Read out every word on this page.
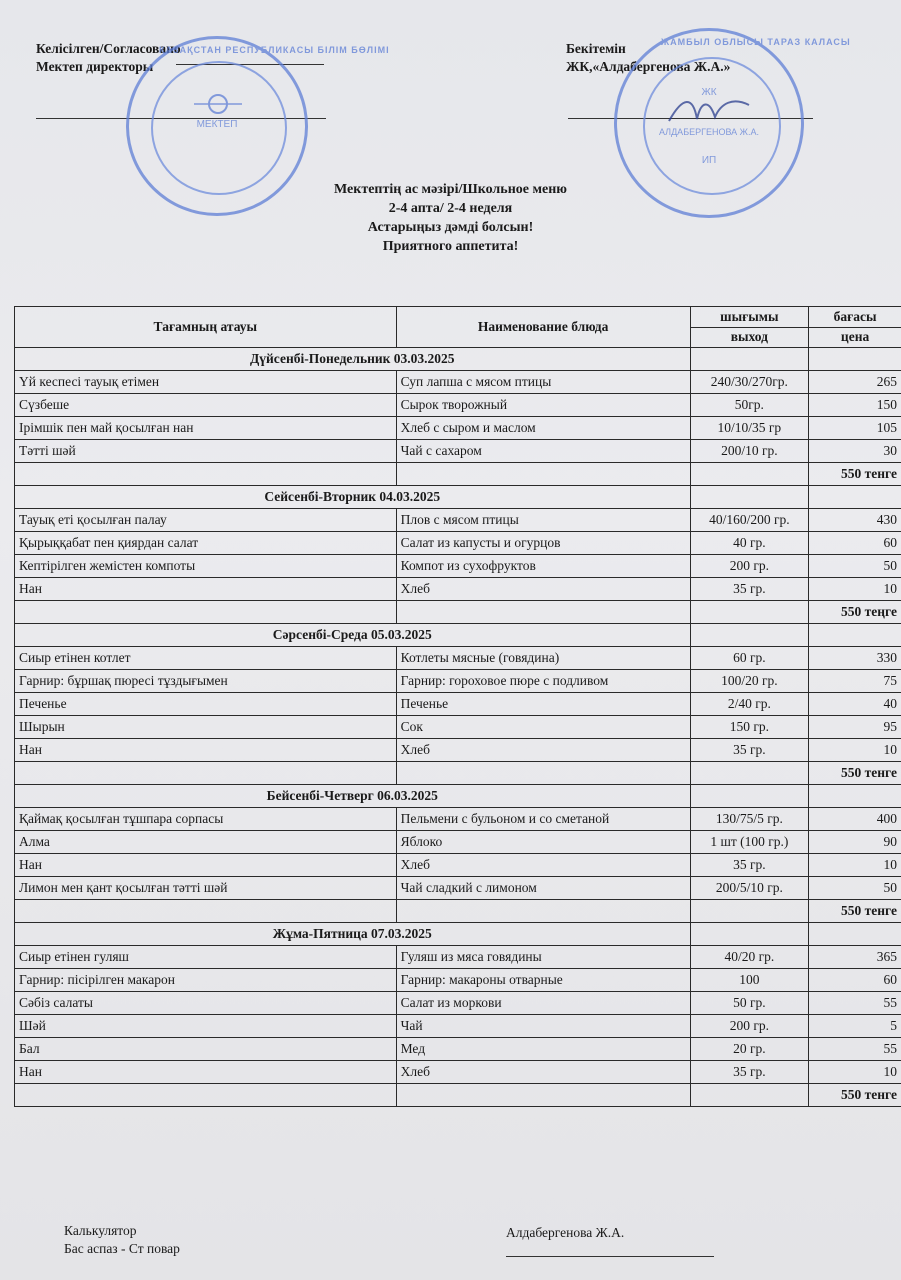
Келісілген/Согласовано
Мектеп директоры
Бекітемін
ЖК,«Алдабергенова Ж.А.»
ҚАЗАҚСТАН РЕСПУБЛИКАСЫ БІЛІМ БӨЛІМІ
МЕКТЕП
ЖАМБЫЛ ОБЛЫСЫ ТАРАЗ КАЛАСЫ
ЖК
АЛДАБЕРГЕНОВА Ж.А.
ИП
Мектептің ас мәзірі/Школьное меню
2-4 апта/ 2-4 неделя
Астарыңыз дәмді болсын!
Приятного аппетита!
Тағамның атауы	Наименование блюда	шығымы	бағасы
		выход	цена
Дүйсенбі-Понедельник 03.03.2025			
Үй кеспесі тауық етімен	Суп лапша с мясом птицы	240/30/270гр.	265
Сүзбеше	Сырок творожный	50гр.	150
Ірімшік пен май қосылған нан	Хлеб с сыром и маслом	10/10/35 гр	105
Тәтті шәй	Чай с сахаром	200/10 гр.	30
			550 тенге
Сейсенбі-Вторник 04.03.2025			
Тауық еті қосылған палау	Плов с мясом птицы	40/160/200 гр.	430
Қырыққабат пен қиярдан салат	Салат из капусты и огурцов	40 гр.	60
Кептірілген жемістен компоты	Компот из сухофруктов	200 гр.	50
Нан	Хлеб	35 гр.	10
			550 теңге
Сәрсенбі-Среда 05.03.2025			
Сиыр етінен котлет	Котлеты мясные (говядина)	60 гр.	330
Гарнир: бұршақ пюресі тұздығымен	Гарнир: гороховое пюре с подливом	100/20 гр.	75
Печенье	Печенье	2/40 гр.	40
Шырын	Сок	150 гр.	95
Нан	Хлеб	35 гр.	10
			550 тенге
Бейсенбі-Четверг 06.03.2025			
Қаймақ қосылған тұшпара сорпасы	Пельмени с бульоном и со сметаной	130/75/5 гр.	400
Алма	Яблоко	1 шт (100 гр.)	90
Нан	Хлеб	35 гр.	10
Лимон мен қант қосылған тәтті шәй	Чай сладкий с лимоном	200/5/10 гр.	50
			550 тенге
Жұма-Пятница 07.03.2025			
Сиыр етінен гуляш	Гуляш из мяса говядины	40/20 гр.	365
Гарнир: пісірілген макарон	Гарнир: макароны отварные	100	60
Сәбіз салаты	Салат из моркови	50 гр.	55
Шәй	Чай	200 гр.	5
Бал	Мед	20 гр.	55
Нан	Хлеб	35 гр.	10
			550 тенге
Калькулятор
Бас аспаз - Ст повар
Алдабергенова Ж.А.
